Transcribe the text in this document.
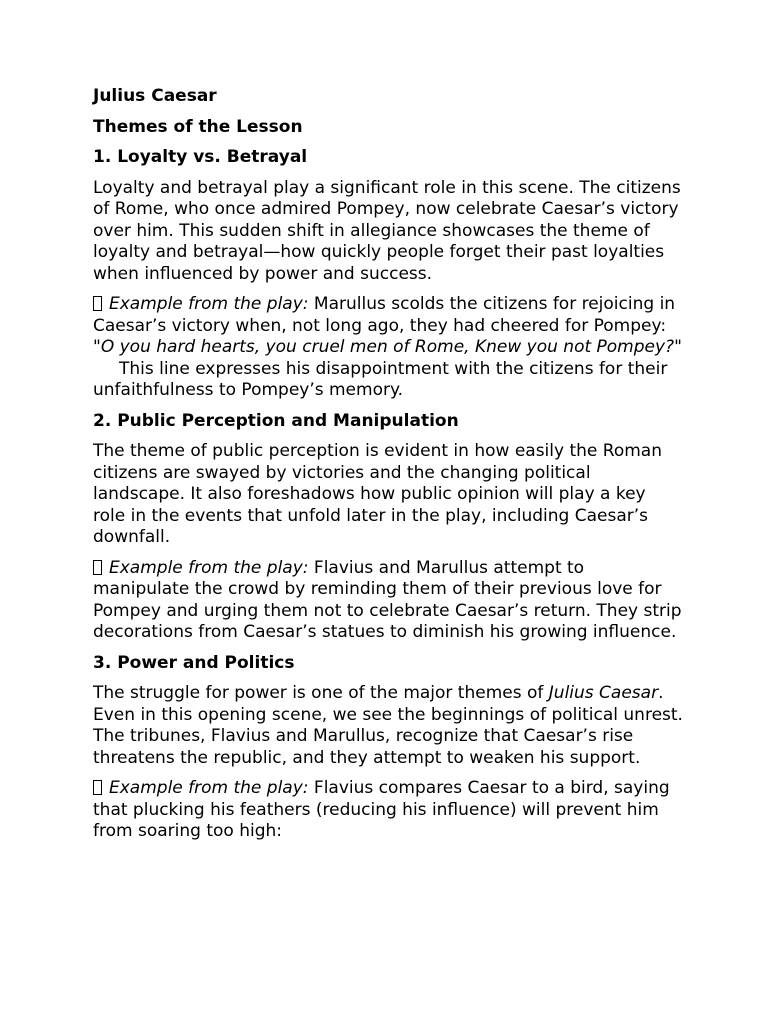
Julius Caesar
Themes of the Lesson
1. Loyalty vs. Betrayal

Loyalty and betrayal play a significant role in this scene. The citizens of Rome, who once admired Pompey, now celebrate Caesar’s victory over him. This sudden shift in allegiance showcases the theme of loyalty and betrayal—how quickly people forget their past loyalties when influenced by power and success.

Example from the play: Marullus scolds the citizens for rejoicing in Caesar’s victory when, not long ago, they had cheered for Pompey:
"O you hard hearts, you cruel men of Rome, Knew you not Pompey?"This line expresses his disappointment with the citizens for their unfaithfulness to Pompey’s memory.

2. Public Perception and Manipulation

The theme of public perception is evident in how easily the Roman citizens are swayed by victories and the changing political landscape. It also foreshadows how public opinion will play a key role in the events that unfold later in the play, including Caesar’s downfall.

Example from the play: Flavius and Marullus attempt to manipulate the crowd by reminding them of their previous love for Pompey and urging them not to celebrate Caesar’s return. They strip decorations from Caesar’s statues to diminish his growing influence.

3. Power and Politics

The struggle for power is one of the major themes of Julius Caesar. Even in this opening scene, we see the beginnings of political unrest. The tribunes, Flavius and Marullus, recognize that Caesar’s rise threatens the republic, and they attempt to weaken his support.

Example from the play: Flavius compares Caesar to a bird, saying that plucking his feathers (reducing his influence) will prevent him from soaring too high:
